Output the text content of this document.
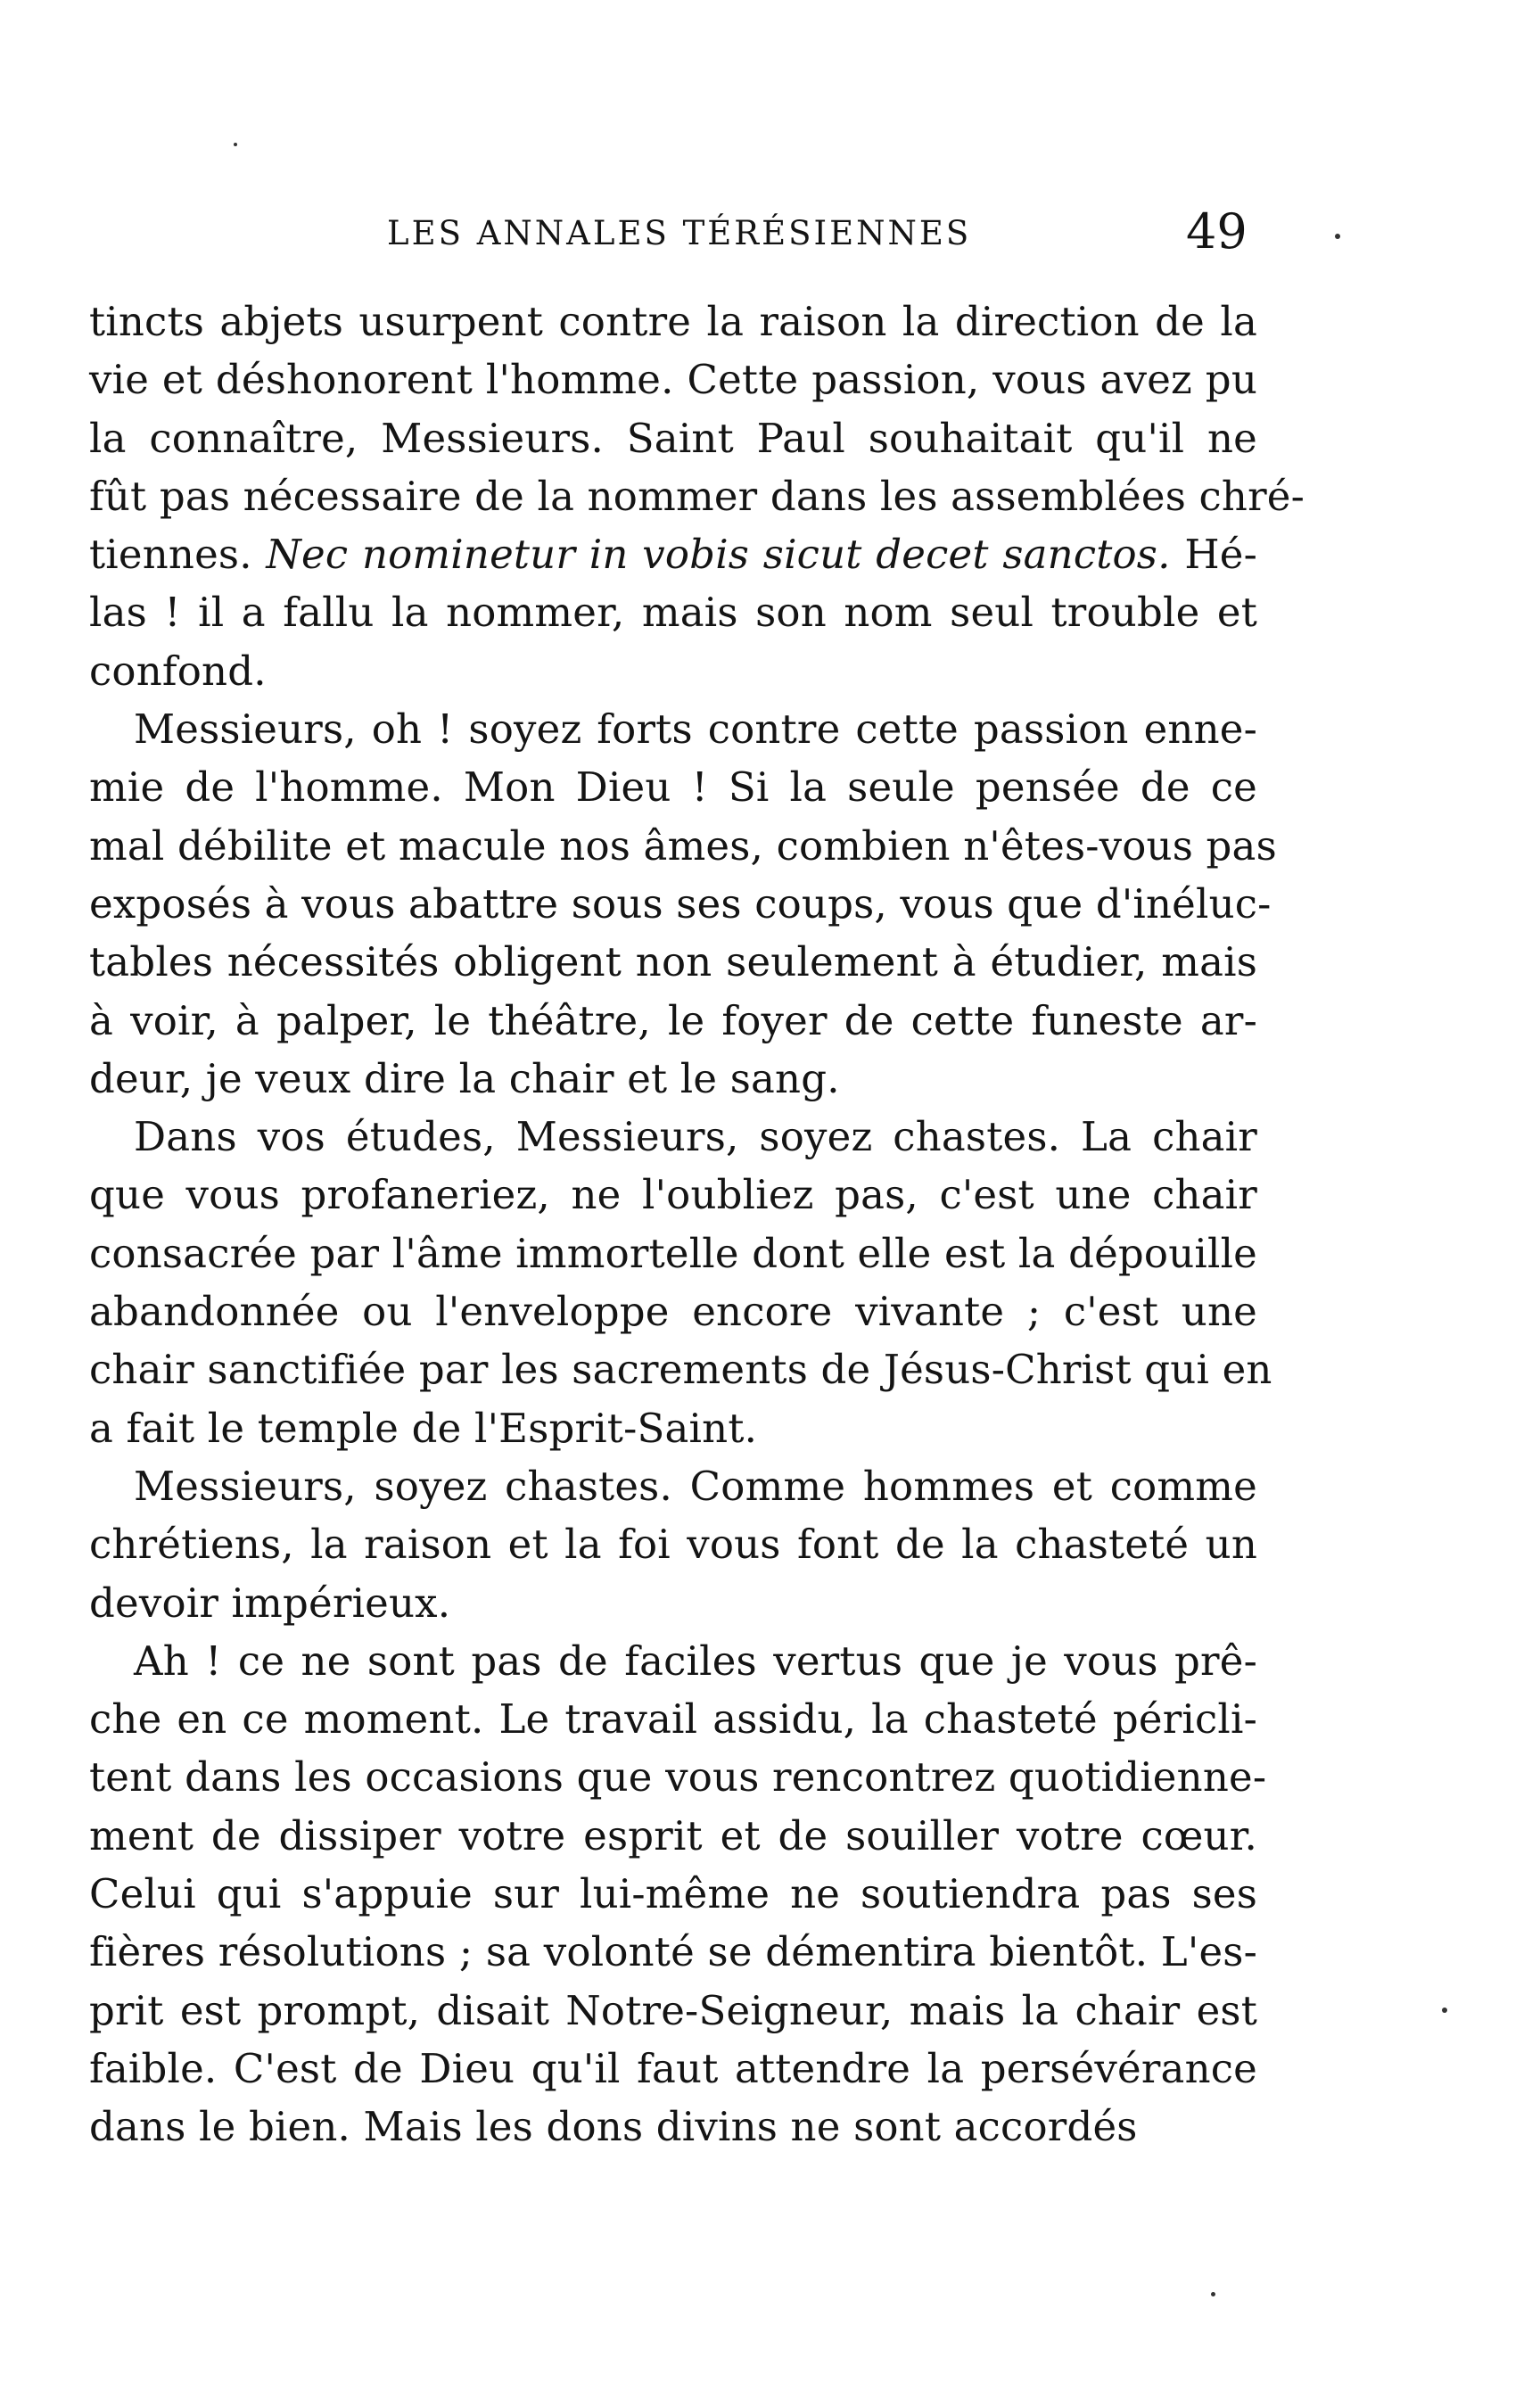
LES ANNALES TÉRÉSIENNES	49
tincts abjets usurpent contre la raison la direction de la
vie et déshonorent l'homme. Cette passion, vous avez pu
la connaître, Messieurs. Saint Paul souhaitait qu'il ne
fût pas nécessaire de la nommer dans les assemblées chré-
tiennes. Nec nominetur in vobis sicut decet sanctos. Hé-
las ! il a fallu la nommer, mais son nom seul trouble et
confond.
Messieurs, oh ! soyez forts contre cette passion enne-
mie de l'homme. Mon Dieu ! Si la seule pensée de ce
mal débilite et macule nos âmes, combien n'êtes-vous pas
exposés à vous abattre sous ses coups, vous que d'inéluc-
tables nécessités obligent non seulement à étudier, mais
à voir, à palper, le théâtre, le foyer de cette funeste ar-
deur, je veux dire la chair et le sang.
Dans vos études, Messieurs, soyez chastes. La chair
que vous profaneriez, ne l'oubliez pas, c'est une chair
consacrée par l'âme immortelle dont elle est la dépouille
abandonnée ou l'enveloppe encore vivante ; c'est une
chair sanctifiée par les sacrements de Jésus-Christ qui en
a fait le temple de l'Esprit-Saint.
Messieurs, soyez chastes. Comme hommes et comme
chrétiens, la raison et la foi vous font de la chasteté un
devoir impérieux.
Ah ! ce ne sont pas de faciles vertus que je vous prê-
che en ce moment. Le travail assidu, la chasteté péricli-
tent dans les occasions que vous rencontrez quotidienne-
ment de dissiper votre esprit et de souiller votre cœur.
Celui qui s'appuie sur lui-même ne soutiendra pas ses
fières résolutions ; sa volonté se démentira bientôt. L'es-
prit est prompt, disait Notre-Seigneur, mais la chair est
faible. C'est de Dieu qu'il faut attendre la persévérance
dans le bien. Mais les dons divins ne sont accordés
